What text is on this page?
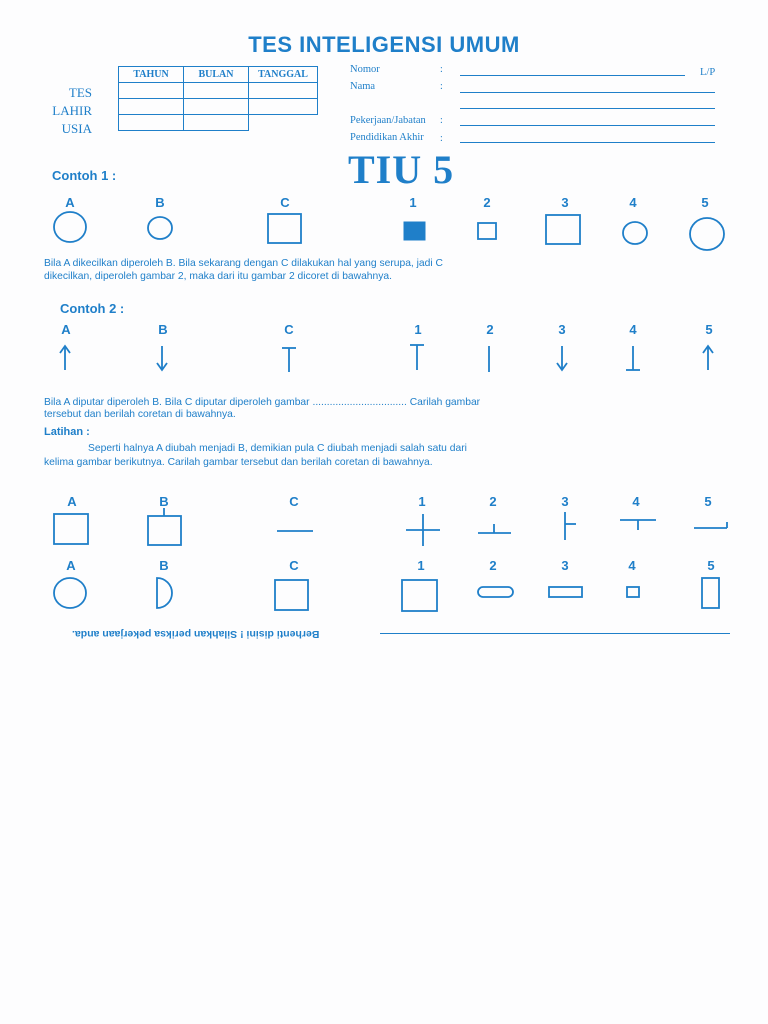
TES INTELIGENSI UMUM
TES
LAHIR
USIA
TAHUN	BULAN	TANGGAL

			Nomor	:	L/P
Nama	:
Pekerjaan/Jabatan :
Pendidikan Akhir :
TIU 5
Contoh 1 :
A	B	C	1	2	3	4	5
Bila A dikecilkan diperoleh B. Bila sekarang dengan C dilakukan hal yang serupa, jadi C
dikecilkan, diperoleh gambar 2, maka dari itu gambar 2 dicoret di bawahnya.
Contoh 2 :
A	B	C	1	2	3	4	5
Bila A diputar diperoleh B. Bila C diputar diperoleh gambar ................................. Carilah gambar
tersebut dan berilah coretan di bawahnya.
Latihan :
Seperti halnya A diubah menjadi B, demikian pula C diubah menjadi salah satu dari
kelima gambar berikutnya. Carilah gambar tersebut dan berilah coretan di bawahnya.
A	B	C	1	2	3	4	5
A	B	C	1	2	3	4	5
Berhenti disini ! Silahkan periksa pekerjaan anda.
